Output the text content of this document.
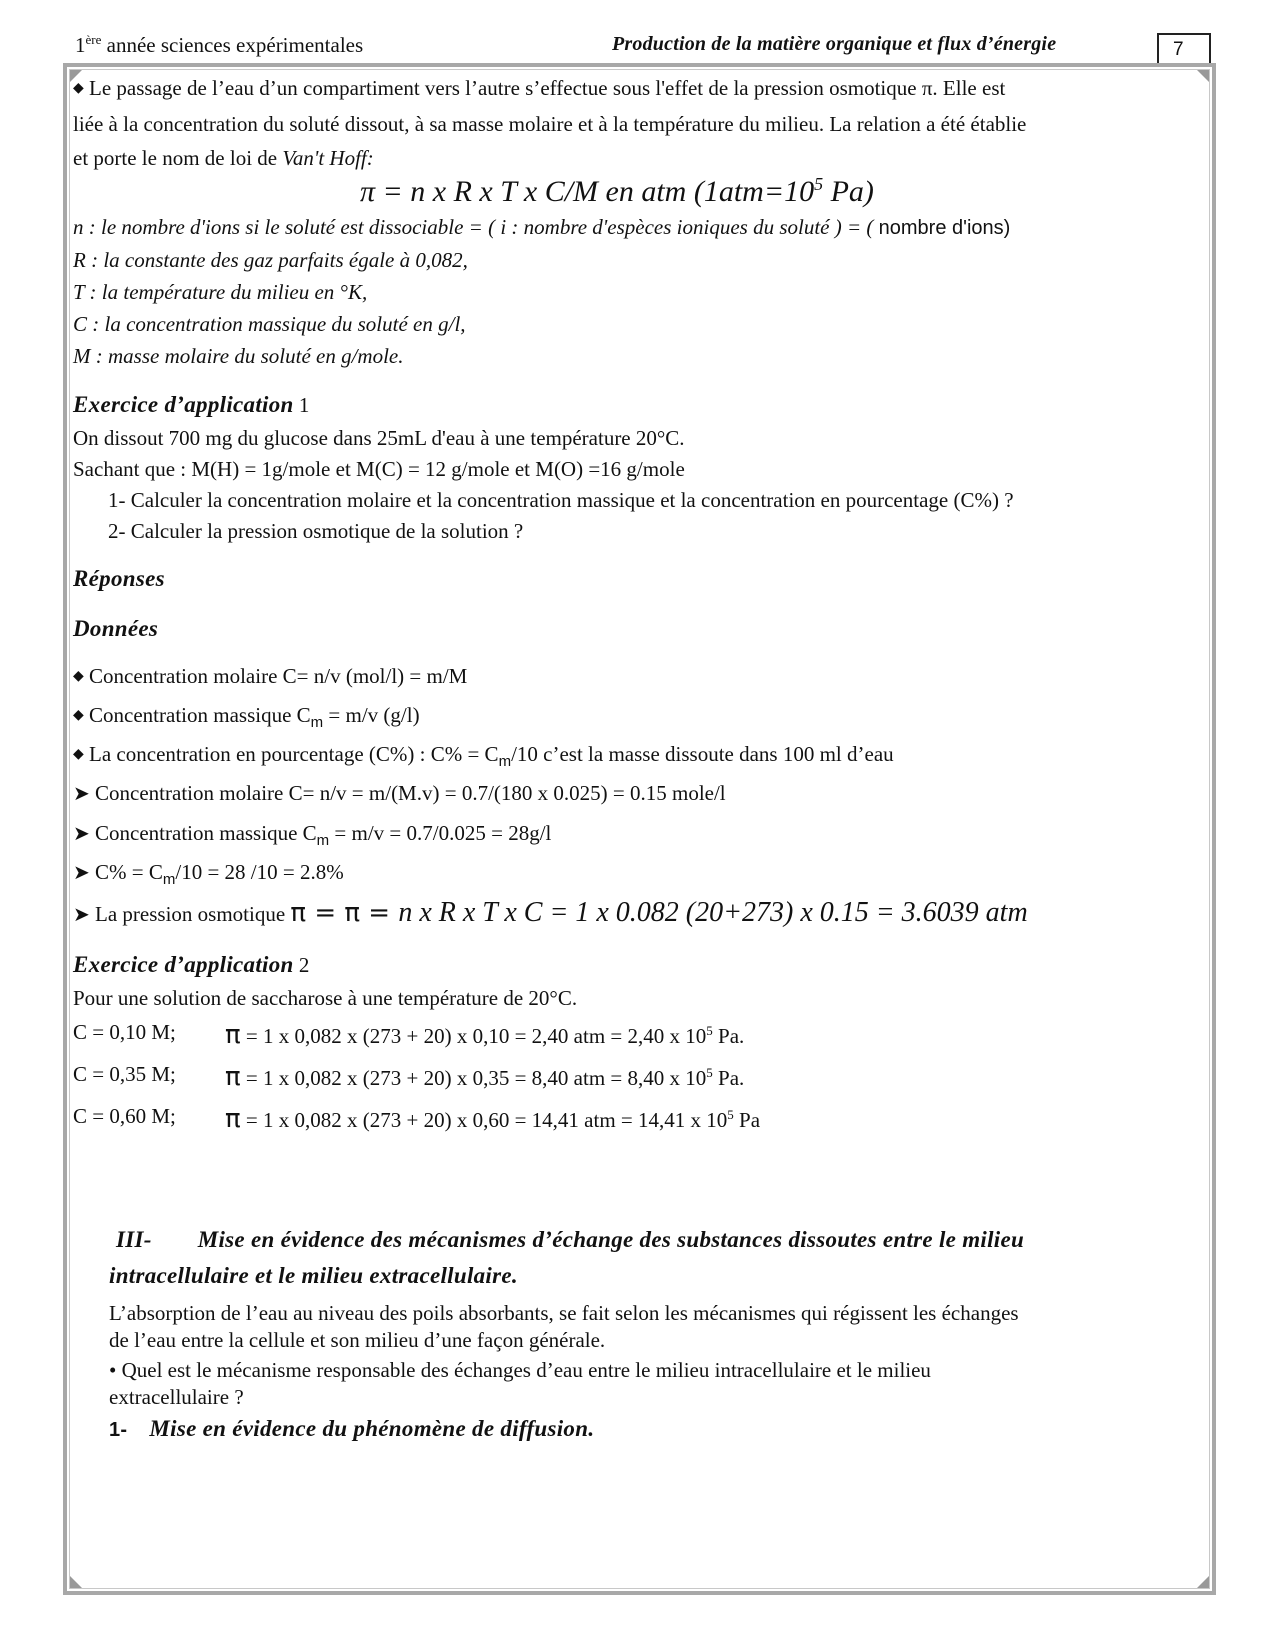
1ère année sciences expérimentales	Production de la matière organique et flux d’énergie	7
◆ Le passage de l’eau d’un compartiment vers l’autre s’effectue sous l'effet de la pression osmotique π. Elle est
liée à la concentration du soluté dissout, à sa masse molaire et à la température du milieu. La relation a été établie
et porte le nom de loi de Van't Hoff:
π = n x R x T x C/M en atm ($1atm=10^5$ Pa)
n : le nombre d'ions si le soluté est dissociable = ( i : nombre d'espèces ioniques du soluté ) = ( nombre d'ions)
R : la constante des gaz parfaits égale à 0,082,
T : la température du milieu en °K,
C : la concentration massique du soluté en g/l,
M : masse molaire du soluté en g/mole.
Exercice d’application 1
On dissout 700 mg du glucose dans 25mL d'eau à une température 20°C.
Sachant que : M(H) = 1g/mole et M(C) = 12 g/mole et M(O) =16 g/mole
1- Calculer la concentration molaire et la concentration massique et la concentration en pourcentage (C%) ?
2- Calculer la pression osmotique de la solution ?
Réponses
Données
◆ Concentration molaire C= n/v (mol/l) = m/M
◆ Concentration massique $C_m = m/v$ (g/l)
◆ La concentration en pourcentage (C%) : $C\% = C_m/10$ c’est la masse dissoute dans 100 ml d’eau
➤ Concentration molaire C= n/v = m/(M.v) = 0.7/(180 x 0.025) = 0.15 mole/l
➤ Concentration massique $C_m = m/v = 0.7/0.025 = 28g/l$
➤ $C\% = C_m/10 = 28$ /10 = 2.8%
➤ La pression osmotique π = π = n x R x T x C = 1 x 0.082 (20+273) x 0.15 = 3.6039 atm
Exercice d’application 2
Pour une solution de saccharose à une température de 20°C.
C = 0,10 M; π = 1 x 0,082 x (273 + 20) x 0,10 = 2,40 atm = 2,40 x $10^5$ Pa.
C = 0,35 M; π = 1 x 0,082 x (273 + 20) x 0,35 = 8,40 atm = 8,40 x $10^5$ Pa.
C = 0,60 M; π = 1 x 0,082 x (273 + 20) x 0,60 = 14,41 atm = 14,41 x $10^5$ Pa
III- Mise en évidence des mécanismes d’échange des substances dissoutes entre le milieu
intracellulaire et le milieu extracellulaire.
L’absorption de l’eau au niveau des poils absorbants, se fait selon les mécanismes qui régissent les échanges
de l’eau entre la cellule et son milieu d’une façon générale.
• Quel est le mécanisme responsable des échanges d’eau entre le milieu intracellulaire et le milieu
extracellulaire ?
1- Mise en évidence du phénomène de diffusion.
